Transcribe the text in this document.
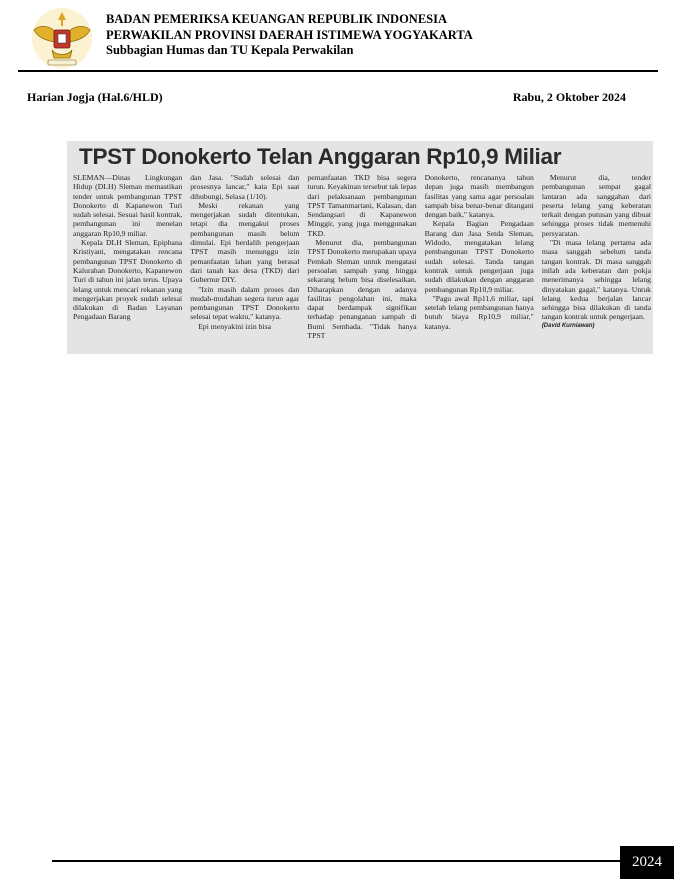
BADAN PEMERIKSA KEUANGAN REPUBLIK INDONESIA
PERWAKILAN PROVINSI DAERAH ISTIMEWA YOGYAKARTA
Subbagian Humas dan TU Kepala Perwakilan
Harian Jogja (Hal.6/HLD)	Rabu, 2 Oktober 2024
TPST Donokerto Telan Anggaran Rp10,9 Miliar

SLEMAN—Dinas Lingkungan Hidup (DLH) Sleman memastikan tender untuk pembangunan TPST Donokerto di Kapanewon Turi sudah selesai. Sesuai hasil kontrak, pembangunan ini menelan anggaran Rp10,9 miliar.

Kepala DLH Sleman, Epiphana Kristiyani, mengatakan rencana pembangunan TPST Donokerto di Kalurahan Donokerto, Kapanewon Turi di tahun ini jalan terus. Upaya lelang untuk mencari rekanan yang mengerjakan proyek sudah selesai dilakukan di Badan Layanan Pengadaan Barang

dan Jasa. "Sudah selesai dan prosesnya lancar," kata Epi saat dihubungi, Selasa (1/10).

Meski rekanan yang mengerjakan sudah ditentukan, tetapi dia mengakui proses pembangunan masih belum dimulai. Epi berdalih pengerjaan TPST masih menunggu izin pemanfaatan lahan yang berasal dari tanah kas desa (TKD) dari Gubernur DIY.

"Izin masih dalam proses dan mudah-mudahan segera turun agar pembangunan TPST Donokerto selesai tepat waktu," katanya.

Epi menyakini izin bisa

pemanfaatan TKD bisa segera turun. Keyakinan tersebut tak lepas dari pelaksanaan pembangunan TPST Tamanmartani, Kalasan, dan Sendangsari di Kapanewon Minggir, yang juga menggunakan TKD.

Menurut dia, pembangunan TPST Donokerto merupakan upaya Pemkab Sleman untuk mengatasi persoalan sampah yang hingga sekarang belum bisa diselesaikan. Diharapkan dengan adanya fasilitas pengolahan ini, maka dapat berdampak signifikan terhadap penanganan sampah di Bumi Sembada. "Tidak hanya TPST

Donokerto, rencananya tahun depan juga masih membangun fasilitas yang sama agar persoalan sampah bisa benar-benar ditangani dengan baik," katanya.

Kepala Bagian Pengadaan Barang dan Jasa Setda Sleman, Widodo, mengatakan lelang pembangunan TPST Donokerto sudah selesai. Tanda tangan kontrak untuk pengerjaan juga sudah dilakukan dengan anggaran pembangunan Rp10,9 miliar.

"Pagu awal Rp11,6 miliar, tapi setelah lelang pembangunan hanya butuh biaya Rp10,9 miliar," katanya.

Menurut dia, tender pembangunan sempat gagal lantaran ada sanggahan dari peserta lelang yang keberatan terkait dengan putusan yang dibuat sehingga proses tidak memenuhi persyaratan.

"Di masa lelang pertama ada masa sanggah sebelum tanda tangan kontrak. Di masa sanggah inilah ada keberatan dan pokja menerimanya sehingga lelang dinyatakan gagal," katanya. Untuk lelang kedua berjalan lancar sehingga bisa dilakukan di tanda tangan kontrak untuk pengerjaan.

(David Kurniawan)
2024
